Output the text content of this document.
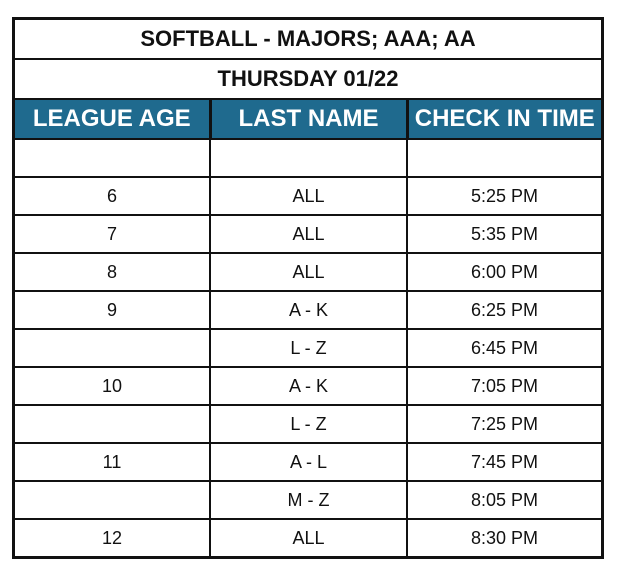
SOFTBALL - MAJORS; AAA; AA
THURSDAY 01/22
LEAGUE AGE	LAST NAME	CHECK IN TIME

6	ALL	5:25 PM
7	ALL	5:35 PM
8	ALL	6:00 PM
9	A - K	6:25 PM
	L - Z	6:45 PM
10	A - K	7:05 PM
	L - Z	7:25 PM
11	A - L	7:45 PM
	M - Z	8:05 PM
12	ALL	8:30 PM
